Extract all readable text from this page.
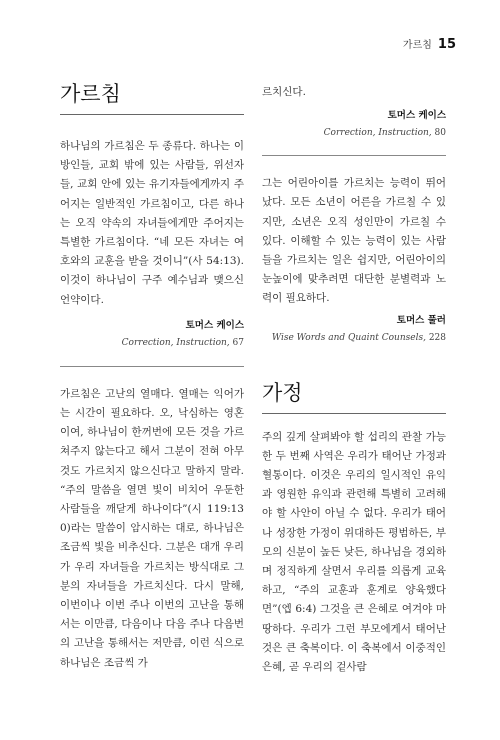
가르침 15
가르침

하나님의 가르침은 두 종류다. 하나는 이방인들, 교회 밖에 있는 사람들, 위선자들, 교회 안에 있는 유기자들에게까지 주어지는 일반적인 가르침이고, 다른 하나는 오직 약속의 자녀들에게만 주어지는 특별한 가르침이다. “네 모든 자녀는 여호와의 교훈을 받을 것이니”(사 54:13). 이것이 하나님이 구주 예수님과 맺으신 언약이다.

토머스 케이스
Correction, Instruction, 67

가르침은 고난의 열매다. 열매는 익어가는 시간이 필요하다. 오, 낙심하는 영혼이여, 하나님이 한꺼번에 모든 것을 가르쳐주지 않는다고 해서 그분이 전혀 아무것도 가르치지 않으신다고 말하지 말라. “주의 말씀을 열면 빛이 비치어 우둔한 사람들을 깨닫게 하나이다”(시 119:130)라는 말씀이 암시하는 대로, 하나님은 조금씩 빛을 비추신다. 그분은 대개 우리가 우리 자녀들을 가르치는 방식대로 그분의 자녀들을 가르치신다. 다시 말해, 이번이나 이번 주나 이번의 고난을 통해서는 이만큼, 다음이나 다음 주나 다음번의 고난을 통해서는 저만큼, 이런 식으로 하나님은 조금씩 가

르치신다.

토머스 케이스
Correction, Instruction, 80

그는 어린아이를 가르치는 능력이 뛰어났다. 모든 소년이 어른을 가르칠 수 있지만, 소년은 오직 성인만이 가르칠 수 있다. 이해할 수 있는 능력이 있는 사람들을 가르치는 일은 쉽지만, 어린아이의 눈높이에 맞추려면 대단한 분별력과 노력이 필요하다.

토머스 풀러
Wise Words and Quaint Counsels, 228
가정

주의 깊게 살펴봐야 할 섭리의 관찰 가능한 두 번째 사역은 우리가 태어난 가정과 혈통이다. 이것은 우리의 일시적인 유익과 영원한 유익과 관련해 특별히 고려해야 할 사안이 아닐 수 없다. 우리가 태어나 성장한 가정이 위대하든 평범하든, 부모의 신분이 높든 낮든, 하나님을 경외하며 정직하게 살면서 우리를 의롭게 교육하고, “주의 교훈과 훈계로 양육했다면”(엡 6:4) 그것을 큰 은혜로 여겨야 마땅하다. 우리가 그런 부모에게서 태어난 것은 큰 축복이다. 이 축복에서 이중적인 은혜, 곧 우리의 겉사람
